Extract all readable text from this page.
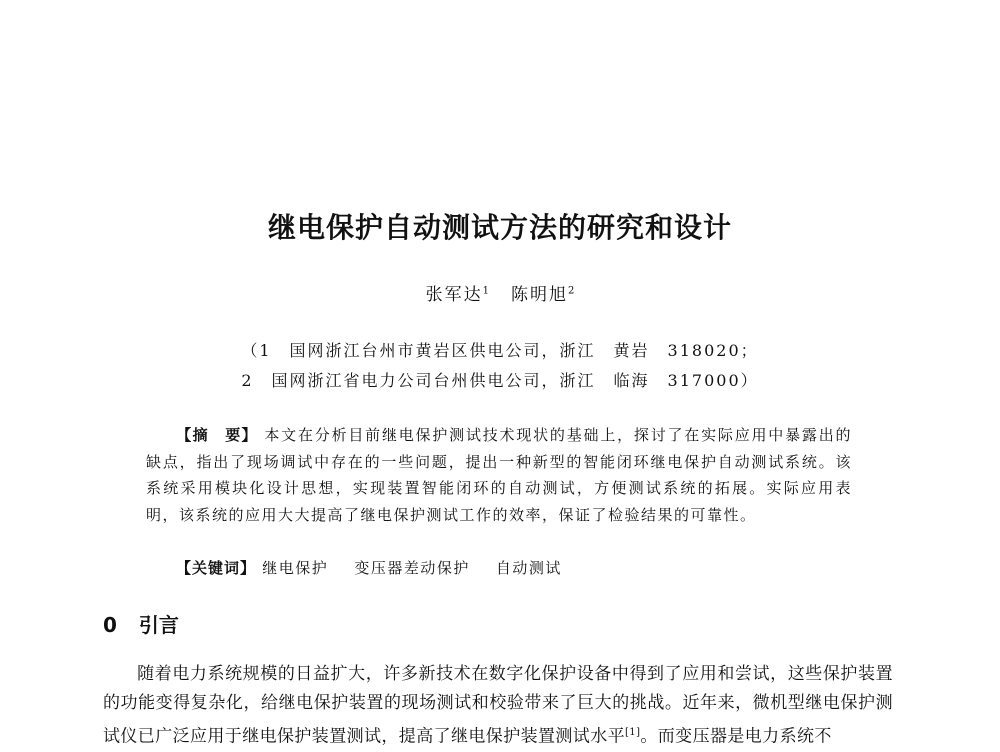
继电保护自动测试方法的研究和设计
张军达$^1$ 陈明旭$^2$
（1　国网浙江台州市黄岩区供电公司，浙江　黄岩　318020；
2　国网浙江省电力公司台州供电公司，浙江　临海　317000）
【摘　要】 本文在分析目前继电保护测试技术现状的基础上，探讨了在实际应用中暴露出的缺点，指出了现场调试中存在的一些问题，提出一种新型的智能闭环继电保护自动测试系统。该系统采用模块化设计思想，实现装置智能闭环的自动测试，方便测试系统的拓展。实际应用表明，该系统的应用大大提高了继电保护测试工作的效率，保证了检验结果的可靠性。
【关键词】 继电保护 变压器差动保护 自动测试
0 引言
随着电力系统规模的日益扩大，许多新技术在数字化保护设备中得到了应用和尝试，这些保护装置的功能变得复杂化，给继电保护装置的现场测试和校验带来了巨大的挑战。近年来，微机型继电保护测试仪已广泛应用于继电保护装置测试，提高了继电保护装置测试水平[1]。而变压器是电力系统不
